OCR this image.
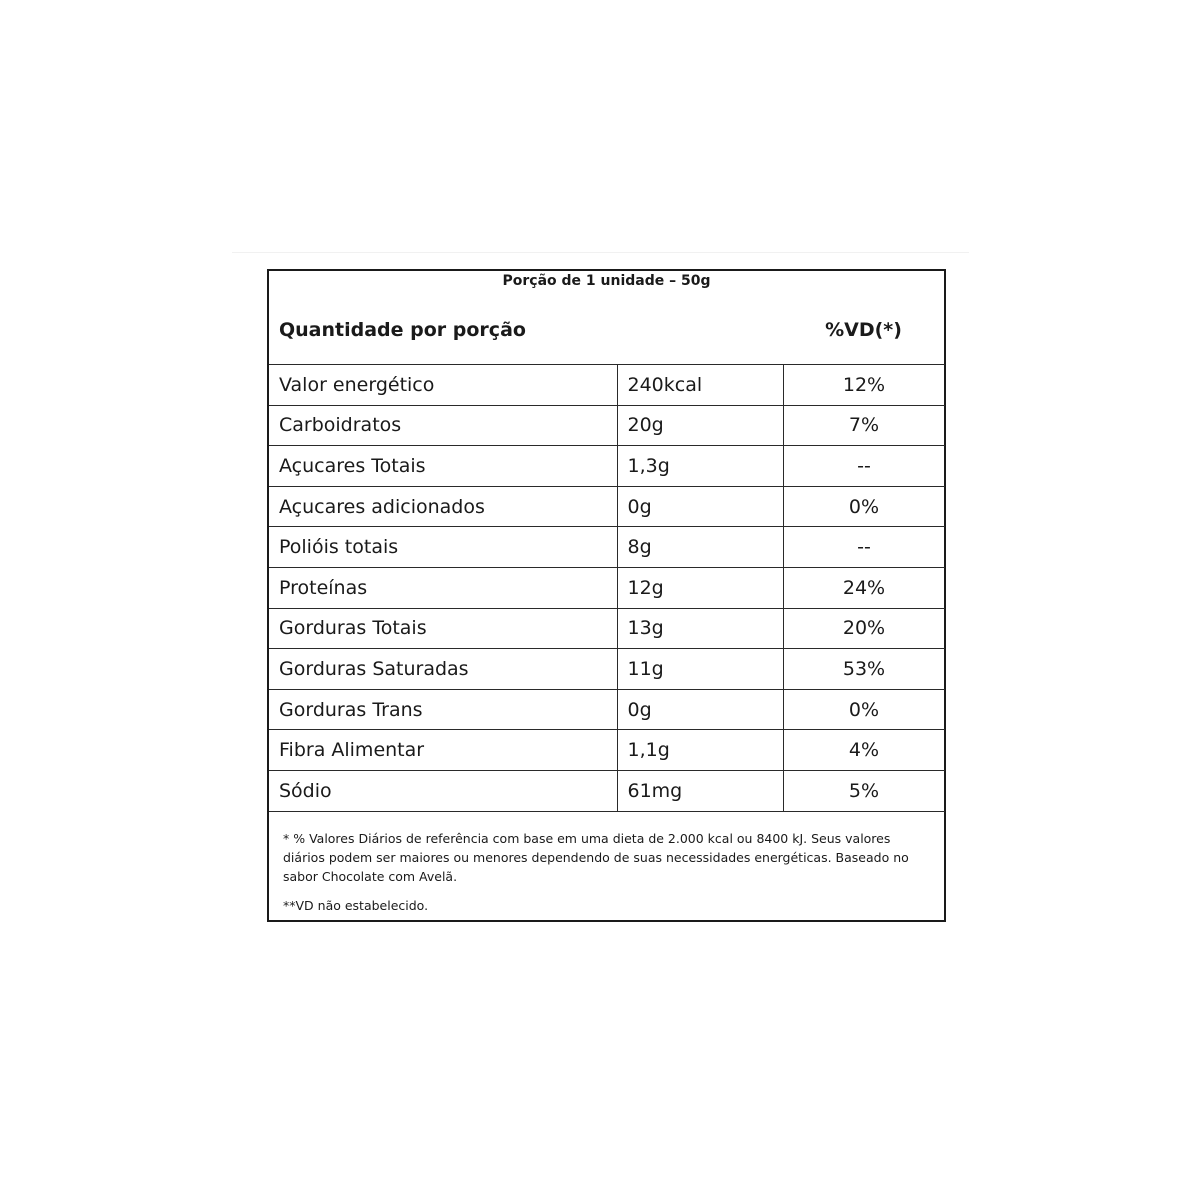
Porção de 1 unidade – 50g
Quantidade por porção	%VD(*)
Valor energético	240kcal	12%
Carboidratos	20g	7%
Açucares Totais	1,3g	--
Açucares adicionados	0g	0%
Polióis totais	8g	--
Proteínas	12g	24%
Gorduras Totais	13g	20%
Gorduras Saturadas	11g	53%
Gorduras Trans	0g	0%
Fibra Alimentar	1,1g	4%
Sódio	61mg	5%
* % Valores Diários de referência com base em uma dieta de 2.000 kcal ou 8400 kJ. Seus valores diários podem ser maiores ou menores dependendo de suas necessidades energéticas. Baseado no sabor Chocolate com Avelã.
**VD não estabelecido.
